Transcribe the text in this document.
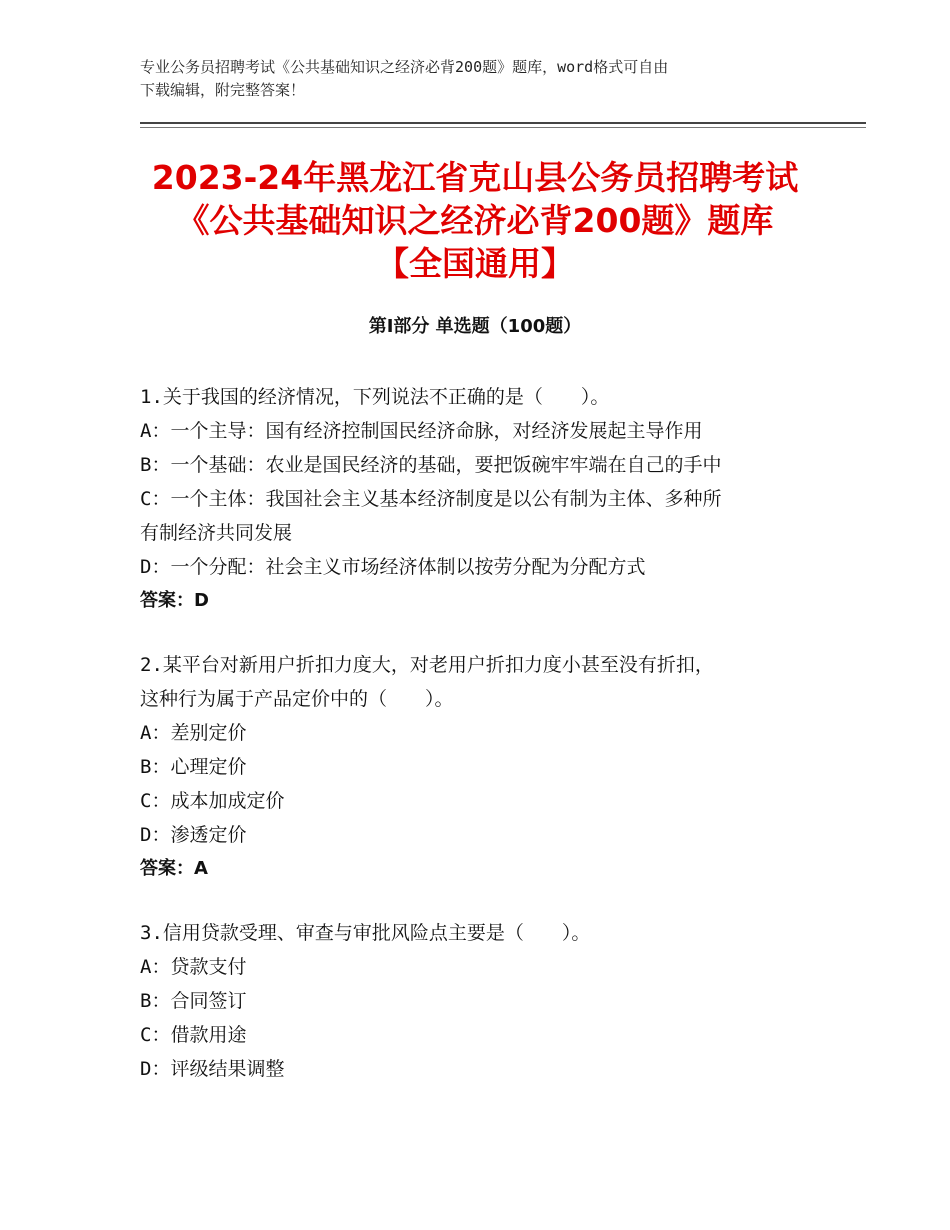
专业公务员招聘考试《公共基础知识之经济必背200题》题库，word格式可自由
下载编辑，附完整答案！
2023-24年黑龙江省克山县公务员招聘考试
《公共基础知识之经济必背200题》题库
【全国通用】
第Ⅰ部分 单选题（100题）
1.关于我国的经济情况，下列说法不正确的是（　　）。
A：一个主导：国有经济控制国民经济命脉，对经济发展起主导作用
B：一个基础：农业是国民经济的基础，要把饭碗牢牢端在自己的手中
C：一个主体：我国社会主义基本经济制度是以公有制为主体、多种所
有制经济共同发展
D：一个分配：社会主义市场经济体制以按劳分配为分配方式
答案：D
2.某平台对新用户折扣力度大，对老用户折扣力度小甚至没有折扣，
这种行为属于产品定价中的（　　）。
A：差别定价
B：心理定价
C：成本加成定价
D：渗透定价
答案：A
3.信用贷款受理、审查与审批风险点主要是（　　）。
A：贷款支付
B：合同签订
C：借款用途
D：评级结果调整
